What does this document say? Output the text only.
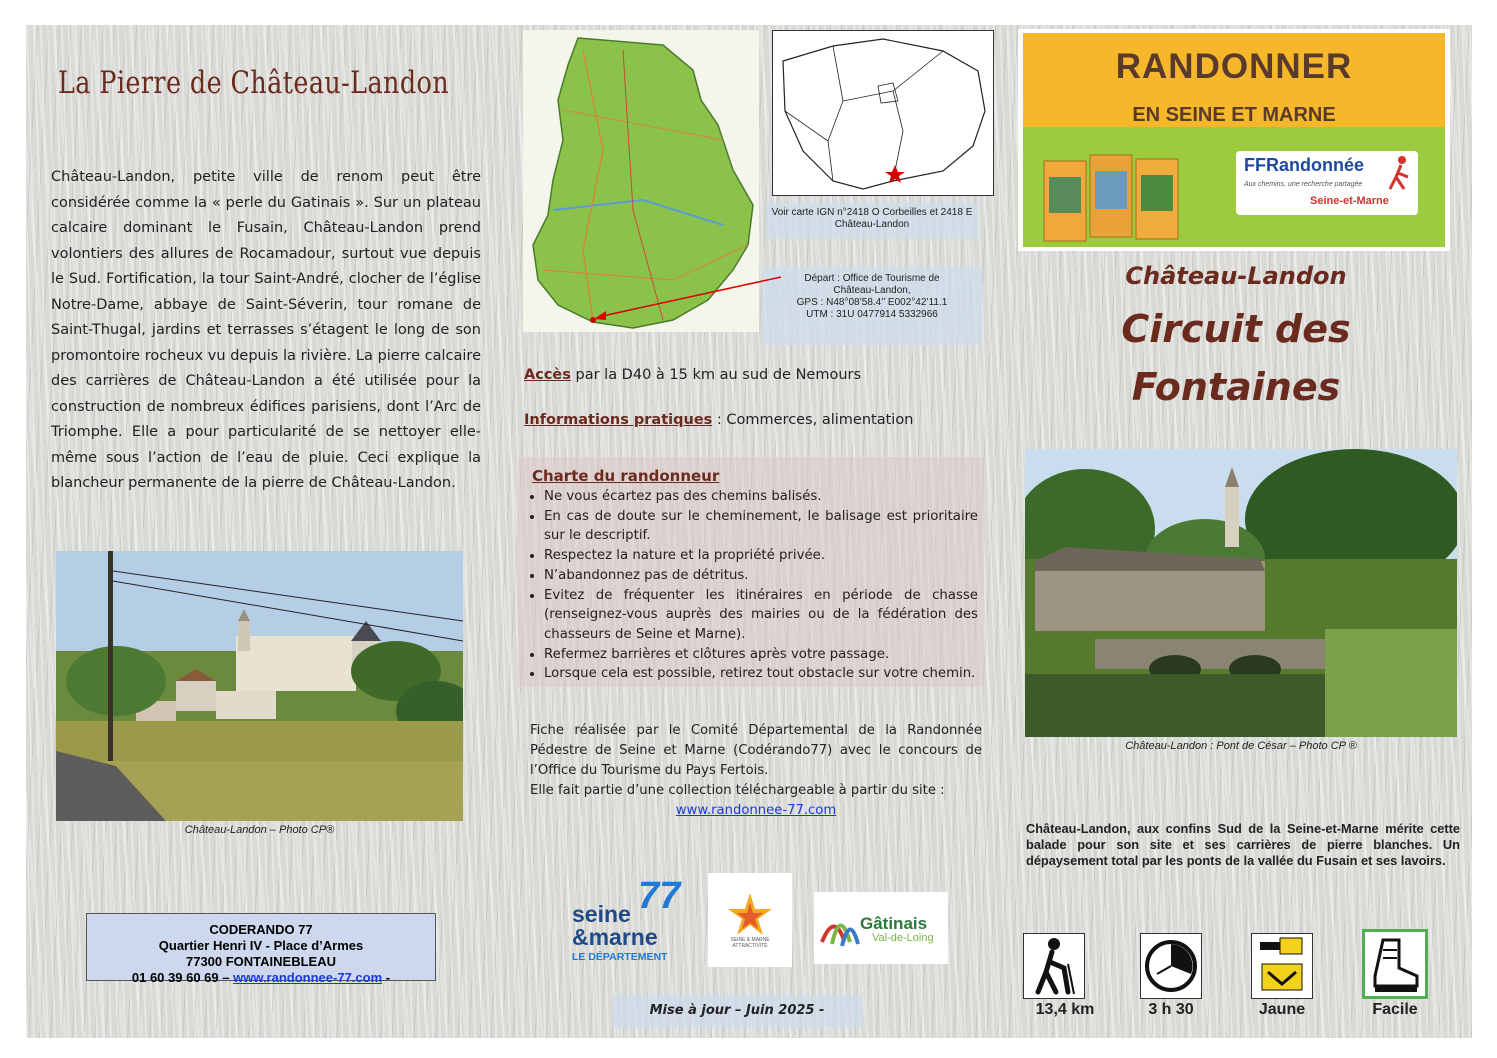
La Pierre de Château-Landon
Château-Landon, petite ville de renom peut être considérée comme la « perle du Gatinais ». Sur un plateau calcaire dominant le Fusain, Château-Landon prend volontiers des allures de Rocamadour, surtout vue depuis le Sud. Fortification, la tour Saint-André, clocher de l’église Notre-Dame, abbaye de Saint-Séverin, tour romane de Saint-Thugal, jardins et terrasses s’étagent le long de son promontoire rocheux vu depuis la rivière. La pierre calcaire des carrières de Château-Landon a été utilisée pour la construction de nombreux édifices parisiens, dont l’Arc de Triomphe. Elle a pour particularité de se nettoyer elle-même sous l’action de l’eau de pluie. Ceci explique la blancheur permanente de la pierre de Château-Landon.
Château-Landon – Photo CP®
CODERANDO 77
Quartier Henri IV - Place d’Armes
77300 FONTAINEBLEAU
01 60 39 60 69 – www.randonnee-77.com -
Voir carte IGN n°2418 O Corbeilles et 2418 E Château-Landon
Départ : Office de Tourisme de
Château-Landon,
GPS : N48°08’58.4’’ E002°42’11.1
UTM : 31U 0477914 5332966
Accès par la D40 à 15 km au sud de Nemours
Informations pratiques : Commerces, alimentation
Charte du randonneur
• Ne vous écartez pas des chemins balisés.
• En cas de doute sur le cheminement, le balisage est prioritaire sur le descriptif.
• Respectez la nature et la propriété privée.
• N’abandonnez pas de détritus.
• Evitez de fréquenter les itinéraires en période de chasse (renseignez-vous auprès des mairies ou de la fédération des chasseurs de Seine et Marne).
• Refermez barrières et clôtures après votre passage.
• Lorsque cela est possible, retirez tout obstacle sur votre chemin.
Fiche réalisée par le Comité Départemental de la Randonnée Pédestre de Seine et Marne (Codérando77) avec le concours de l’Office du Tourisme du Pays Fertois.
Elle fait partie d’une collection téléchargeable à partir du site :
www.randonnee-77.com
77
seine
&marne
LE DÉPARTEMENT
SEINE & MARNE ATTRACTIVITÉ
Gâtinais
Val-de-Loing
Mise à jour – Juin 2025 -
RANDONNER
EN SEINE ET MARNE
FFRandonnée
Aux chemins, une recherche partagée
Seine-et-Marne
Château-Landon
Circuit des
Fontaines
Château-Landon : Pont de César – Photo CP ®
Château-Landon, aux confins Sud de la Seine-et-Marne mérite cette balade pour son site et ses carrières de pierre blanches. Un dépaysement total par les ponts de la vallée du Fusain et ses lavoirs.
13,4 km	3 h 30	Jaune	Facile
